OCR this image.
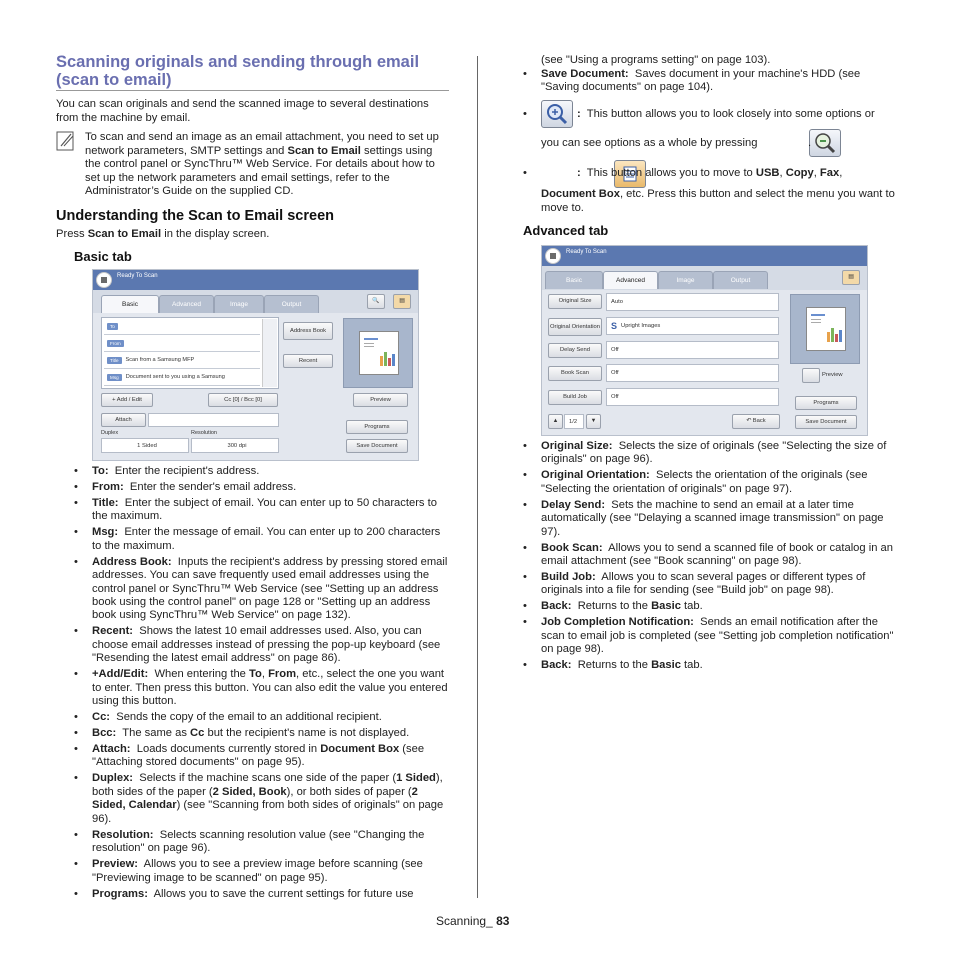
Scanning originals and sending through email
(scan to email)
You can scan originals and send the scanned image to several destinations from the machine by email.
To scan and send an image as an email attachment, you need to set up network parameters, SMTP settings and Scan to Email settings using the control panel or SyncThru™ Web Service. For details about how to set up the network parameters and email settings, refer to the Administrator’s Guide on the supplied CD.
Understanding the Scan to Email screen
Press Scan to Email in the display screen.
Basic tab
Ready To Scan
Basic	Advanced	Image	Output	🔍	▤
To
From
Title	Scan from a Samsung MFP
Msg	Document sent to you using a Samsung
Address Book
Recent
Preview
+ Add / Edit	Cc [0] / Bcc [0]
Attach
Duplex	Resolution
1 Sided	300 dpi
Programs
Save Document
• To: Enter the recipient's address.
• From: Enter the sender's email address.
• Title: Enter the subject of email. You can enter up to 50 characters to the maximum.
• Msg: Enter the message of email. You can enter up to 200 characters to the maximum.
• Address Book: Inputs the recipient's address by pressing stored email addresses. You can save frequently used email addresses using the control panel or SyncThru™ Web Service (see "Setting up an address book using the control panel" on page 128 or "Setting up an address book using SyncThru™ Web Service" on page 132).
• Recent: Shows the latest 10 email addresses used. Also, you can choose email addresses instead of pressing the pop-up keyboard (see "Resending the latest email address" on page 86).
• +Add/Edit: When entering the To, From, etc., select the one you want to enter. Then press this button. You can also edit the value you entered using this button.
• Cc: Sends the copy of the email to an additional recipient.
• Bcc: The same as Cc but the recipient's name is not displayed.
• Attach: Loads documents currently stored in Document Box (see "Attaching stored documents" on page 95).
• Duplex: Selects if the machine scans one side of the paper (1 Sided), both sides of the paper (2 Sided, Book), or both sides of paper (2 Sided, Calendar) (see "Scanning from both sides of originals" on page 96).
• Resolution: Selects scanning resolution value (see "Changing the resolution" on page 96).
• Preview: Allows you to see a preview image before scanning (see "Previewing image to be scanned" on page 95).
• Programs: Allows you to save the current settings for future use
(see "Using a programs setting" on page 103).
• Save Document: Saves document in your machine's HDD (see "Saving documents" on page 104).
•
	: This button allows you to look closely into some options or
you can see options as a whole by pressing
	.
•	: This button allows you to move to USB, Copy, Fax,
Document Box, etc. Press this button and select the menu you want to move to.
Advanced tab
Ready To Scan
Basic	Advanced	Image	Output	▤
Original Size	Auto
Original Orientation S Upright Images
Delay Send	Off
Book Scan	Off
Build Job	Off
▲	1/2	▼	↶ Back
Preview
Programs
Save Document
• Original Size: Selects the size of originals (see "Selecting the size of originals" on page 96).
• Original Orientation: Selects the orientation of the originals (see "Selecting the orientation of originals" on page 97).
• Delay Send: Sets the machine to send an email at a later time automatically (see "Delaying a scanned image transmission" on page 97).
• Book Scan: Allows you to send a scanned file of book or catalog in an email attachment (see "Book scanning" on page 98).
• Build Job: Allows you to scan several pages or different types of originals into a file for sending (see "Build job" on page 98).
• Back: Returns to the Basic tab.
• Job Completion Notification: Sends an email notification after the scan to email job is completed (see "Setting job completion notification" on page 98).
• Back: Returns to the Basic tab.
Scanning_ 83
